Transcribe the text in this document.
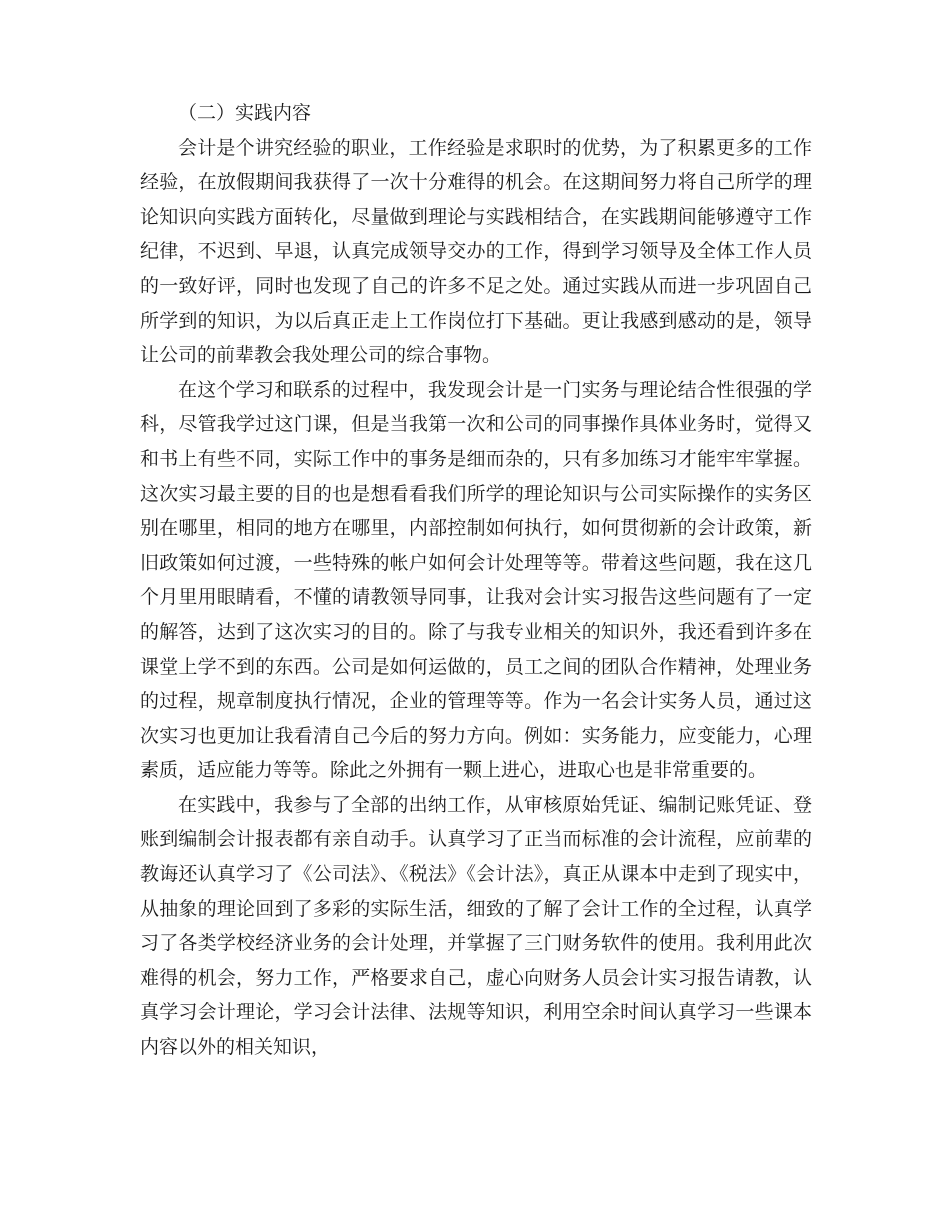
（二）实践内容

会计是个讲究经验的职业，工作经验是求职时的优势，为了积累更多的工作经验，在放假期间我获得了一次十分难得的机会。在这期间努力将自己所学的理论知识向实践方面转化，尽量做到理论与实践相结合，在实践期间能够遵守工作纪律，不迟到、早退，认真完成领导交办的工作，得到学习领导及全体工作人员的一致好评，同时也发现了自己的许多不足之处。通过实践从而进一步巩固自己所学到的知识，为以后真正走上工作岗位打下基础。更让我感到感动的是，领导让公司的前辈教会我处理公司的综合事物。

在这个学习和联系的过程中，我发现会计是一门实务与理论结合性很强的学科，尽管我学过这门课，但是当我第一次和公司的同事操作具体业务时，觉得又和书上有些不同，实际工作中的事务是细而杂的，只有多加练习才能牢牢掌握。这次实习最主要的目的也是想看看我们所学的理论知识与公司实际操作的实务区别在哪里，相同的地方在哪里，内部控制如何执行，如何贯彻新的会计政策，新旧政策如何过渡，一些特殊的帐户如何会计处理等等。带着这些问题，我在这几个月里用眼睛看，不懂的请教领导同事，让我对会计实习报告这些问题有了一定的解答，达到了这次实习的目的。除了与我专业相关的知识外，我还看到许多在课堂上学不到的东西。公司是如何运做的，员工之间的团队合作精神，处理业务的过程，规章制度执行情况，企业的管理等等。作为一名会计实务人员，通过这次实习也更加让我看清自己今后的努力方向。例如：实务能力，应变能力，心理素质，适应能力等等。除此之外拥有一颗上进心，进取心也是非常重要的。

在实践中，我参与了全部的出纳工作，从审核原始凭证、编制记账凭证、登账到编制会计报表都有亲自动手。认真学习了正当而标准的会计流程，应前辈的教诲还认真学习了《公司法》、《税法》《会计法》，真正从课本中走到了现实中，从抽象的理论回到了多彩的实际生活，细致的了解了会计工作的全过程，认真学习了各类学校经济业务的会计处理，并掌握了三门财务软件的使用。我利用此次难得的机会，努力工作，严格要求自己，虚心向财务人员会计实习报告请教，认真学习会计理论，学习会计法律、法规等知识，利用空余时间认真学习一些课本内容以外的相关知识，
